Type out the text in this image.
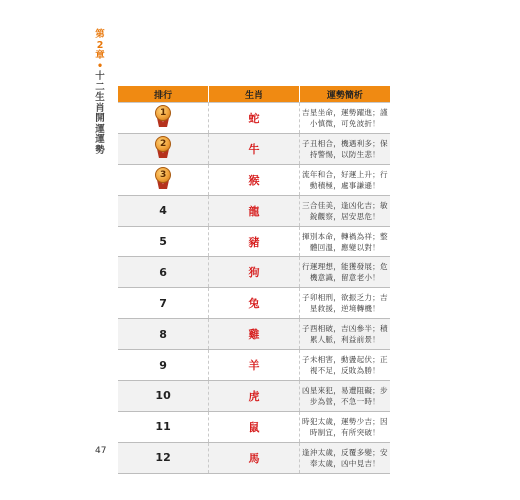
第2章
•
十二生肖開運運勢
排行	生肖	運勢簡析

1	蛇	吉星坐命，運勢躍進；謹小慎微，可免波折！

2	牛	子丑相合，機遇利多；保持警惕，以防生悲！

3	猴	流年和合，好運上升；行動積極，處事謙遜！
4	龍	三合佳美，逢凶化吉；敏銳觀察，居安思危！
5	豬	揮別本命，轉禍為祥；整體回溫，應變以對！
6	狗	行運理想，能獲發展；危機意識，留意老小！
7	兔	子卯相刑，欲振乏力；吉星救援，逆境轉機！
8	雞	子酉相破，吉凶參半；積累人脈，利益前景！
9	羊	子未相害，動盪起伏；正視不足，反敗為勝！
10	虎	凶星來犯，易遭阻礙；步步為營，不急一時！
11	鼠	時犯太歲，運勢少吉；因時制宜，有所突破！
12	馬	逢沖太歲，反覆多變；安奉太歲，凶中見吉！
47
